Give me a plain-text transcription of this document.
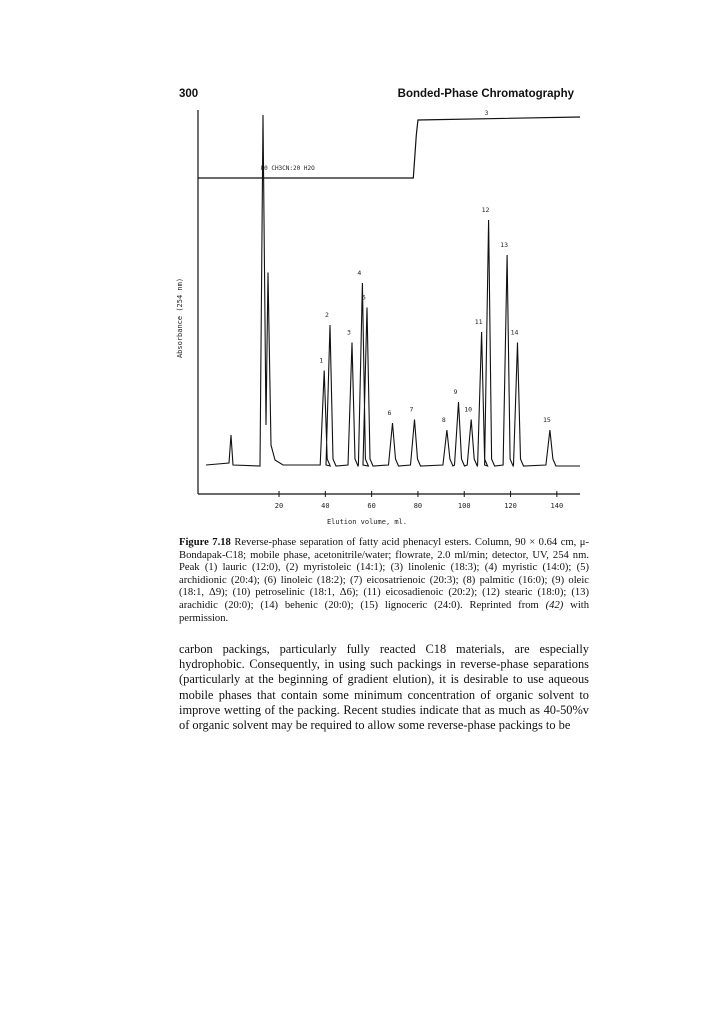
300	Bonded-Phase Chromatography
80 CH3CN:20 H2O
3
1
2
3
4
5
6	7
8
9
10
11
12
13
14
15
20	40	60	80	100	120	140
Elution volume, ml.
Absorbance (254 nm)
Figure 7.18 Reverse-phase separation of fatty acid phenacyl esters. Column, 90 × 0.64 cm, μ-Bondapak-C18; mobile phase, acetonitrile/water; flowrate, 2.0 ml/min; detector, UV, 254 nm. Peak (1) lauric (12:0), (2) myristoleic (14:1); (3) linolenic (18:3); (4) myristic (14:0); (5) archidionic (20:4); (6) linoleic (18:2); (7) eicosatrienoic (20:3); (8) palmitic (16:0); (9) oleic (18:1, Δ9); (10) petroselinic (18:1, Δ6); (11) eicosadienoic (20:2); (12) stearic (18:0); (13) arachidic (20:0); (14) behenic (20:0); (15) lignoceric (24:0). Reprinted from (42) with permission.

carbon packings, particularly fully reacted C18 materials, are especially hydrophobic. Consequently, in using such packings in reverse-phase separations (particularly at the beginning of gradient elution), it is desirable to use aqueous mobile phases that contain some minimum concentration of organic solvent to improve wetting of the packing. Recent studies indicate that as much as 40-50%v of organic solvent may be required to allow some reverse-phase packings to be
